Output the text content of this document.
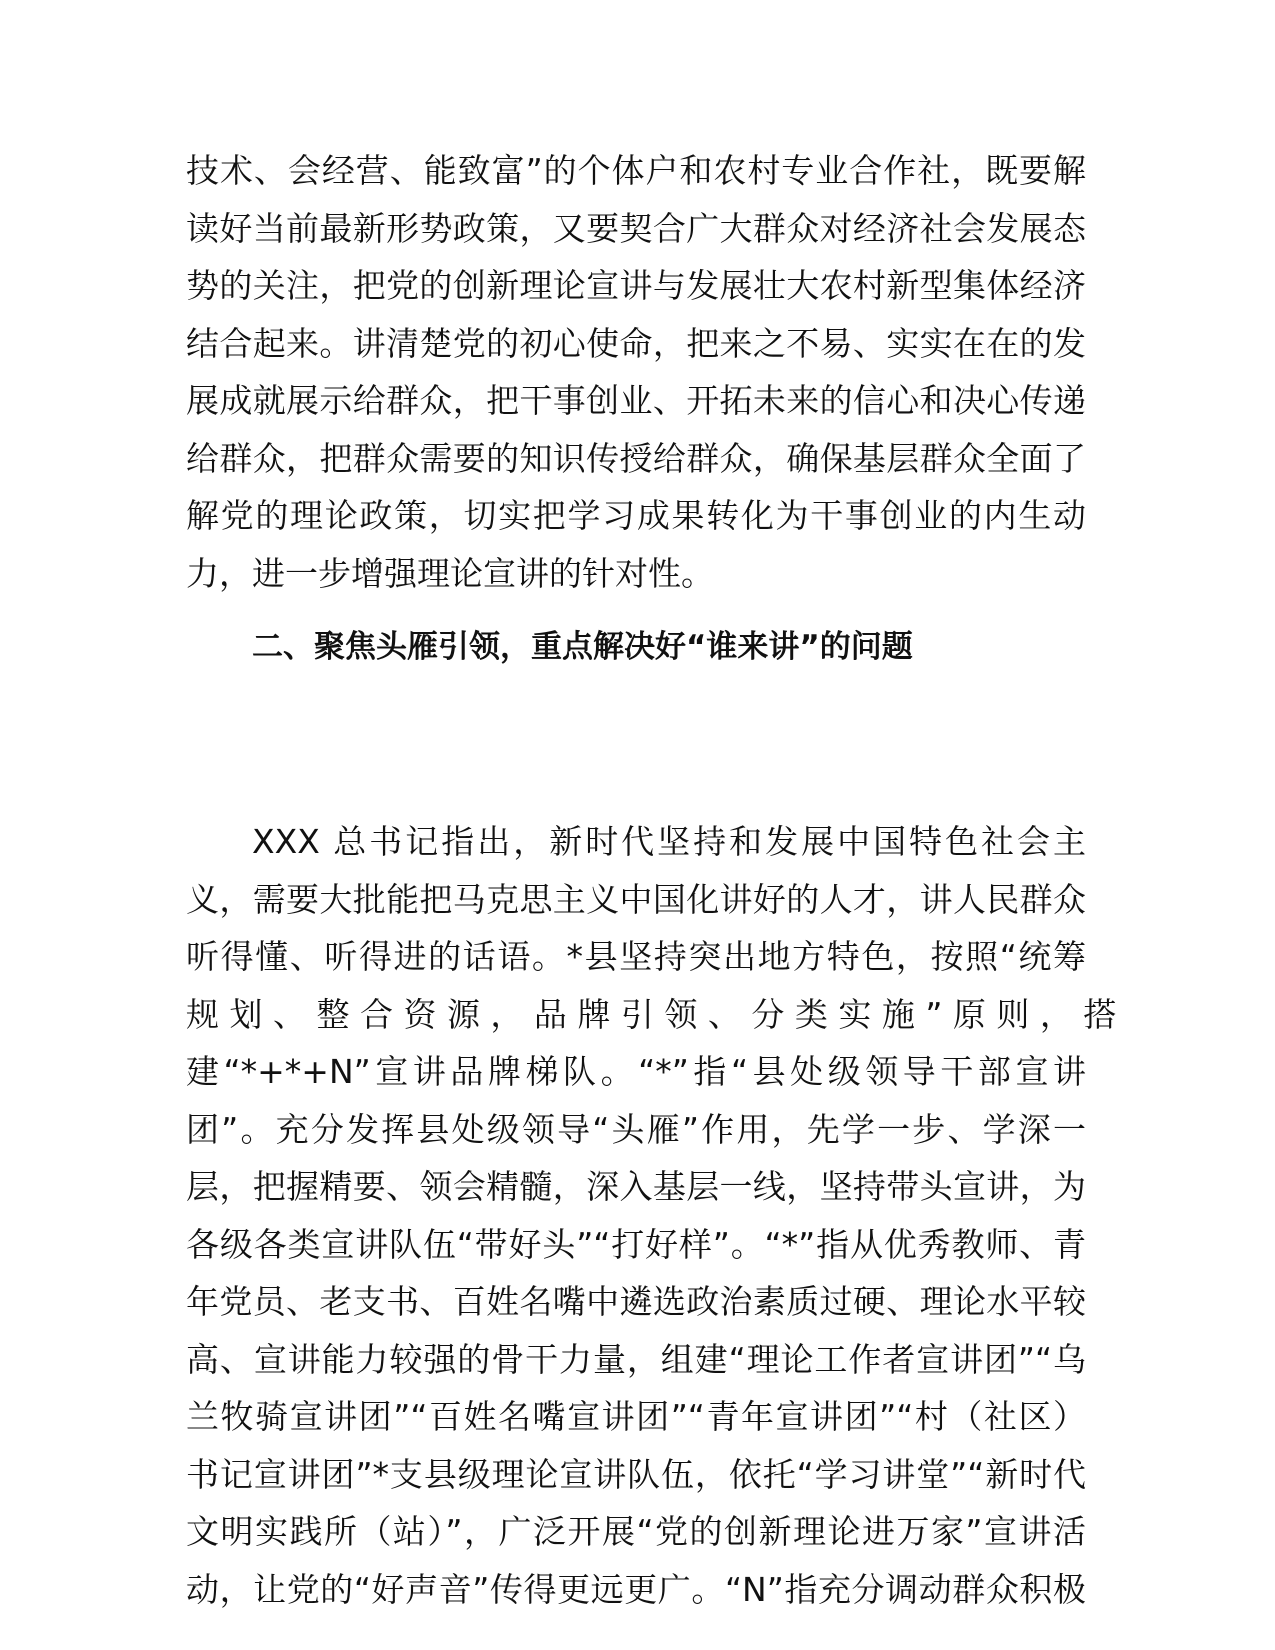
技术、会经营、能致富”的个体户和农村专业合作社，既要解
读好当前最新形势政策，又要契合广大群众对经济社会发展态
势的关注，把党的创新理论宣讲与发展壮大农村新型集体经济
结合起来。讲清楚党的初心使命，把来之不易、实实在在的发
展成就展示给群众，把干事创业、开拓未来的信心和决心传递
给群众，把群众需要的知识传授给群众，确保基层群众全面了
解党的理论政策，切实把学习成果转化为干事创业的内生动
力，进一步增强理论宣讲的针对性。

二、聚焦头雁引领，重点解决好“谁来讲”的问题

XXX 总书记指出，新时代坚持和发展中国特色社会主
义，需要大批能把马克思主义中国化讲好的人才，讲人民群众
听得懂、听得进的话语。*县坚持突出地方特色，按照“统筹
规 划 、 整 合 资 源 ， 品 牌 引 领 、 分 类 实 施 ” 原 则 ， 搭
建“*+*+N”宣讲品牌梯队。“*”指“县处级领导干部宣讲
团”。充分发挥县处级领导“头雁”作用，先学一步、学深一
层，把握精要、领会精髓，深入基层一线，坚持带头宣讲，为
各级各类宣讲队伍“带好头”“打好样”。“*”指从优秀教师、青
年党员、老支书、百姓名嘴中遴选政治素质过硬、理论水平较
高、宣讲能力较强的骨干力量，组建“理论工作者宣讲团”“乌
兰牧骑宣讲团”“百姓名嘴宣讲团”“青年宣讲团”“村（社区）
书记宣讲团”*支县级理论宣讲队伍，依托“学习讲堂”“新时代
文明实践所（站）”，广泛开展“党的创新理论进万家”宣讲活
动，让党的“好声音”传得更远更广。“N”指充分调动群众积极
